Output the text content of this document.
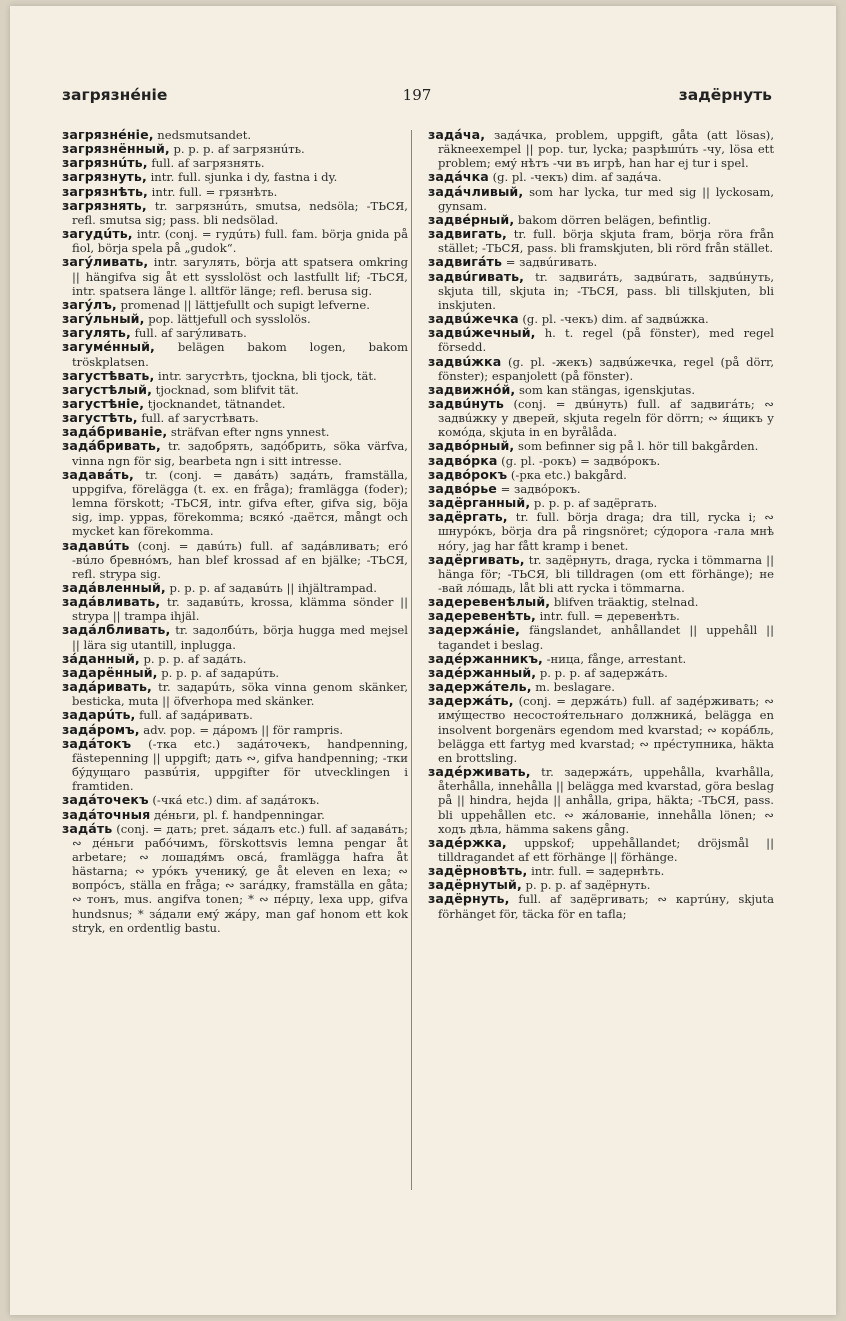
загрязнéніе	197	задёрнуть

загрязнéніе, nedsmutsandet.

загрязнённый, p. p. p. af загрязнúть.

загрязнúть, full. af загрязнять.

загрязнуть, intr. full. sjunka i dy, fastna i dy.

загрязнѣть, intr. full. = грязнѣть.

загрязнять, tr. загрязнúть, smutsa, nedsöla; -ТЬСЯ, refl. smutsa sig; pass. bli nedsölad.

загудúть, intr. (conj. = гудúть) full. fam. börja gnida på fiol, börja spela på „gudok“.

загýливать, intr. загулять, börja att spatsera omkring || hängifva sig åt ett sysslolöst och lastfullt lif; -ТЬСЯ, intr. spatsera länge l. alltför länge; refl. berusa sig.

загýлъ, promenad || lättjefullt och supigt lefverne.

загýльный, pop. lättjefull och sysslolös.

загулять, full. af загýливать.

загумéнный, belägen bakom logen, bakom tröskplatsen.

загустѣвать, intr. загустѣть, tjockna, bli tjock, tät.

загустѣлый, tjocknad, som blifvit tät.

загустѣніе, tjocknandet, tätnandet.

загустѣть, full. af загустѣвать.

задáбриваніе, sträfvan efter ngns ynnest.

задáбривать, tr. задобрять, задóбрить, söka värfva, vinna ngn för sig, bearbeta ngn i sitt intresse.

задавáть, tr. (conj. = давáть) задáть, framställa, uppgifva, förelägga (t. ex. en fråga); framlägga (foder); lemna förskott; -ТЬСЯ, intr. gifva efter, gifva sig, böja sig, imp. yppas, förekomma; всякó -даётся, mångt och mycket kan förekomma.

задавúть (conj. = давúть) full. af задáвливать; егó -вúло бревнóмъ, han blef krossad af en bjälke; -ТЬСЯ, refl. strypa sig.

задáвленный, p. p. p. af задавúть || ihjältrampad.

задáвливать, tr. задавúть, krossa, klämma sönder || strypa || trampa ihjäl.

задáлбливать, tr. задолбúть, börja hugga med mejsel || lära sig utantill, inplugga.

зáданный, p. p. p. af задáть.

задарённый, p. p. p. af задарúть.

задáривать, tr. задарúть, söka vinna genom skänker, besticka, muta || öfverhopa med skänker.

задарúть, full. af задáривать.

задáромъ, adv. pop. = дáромъ || för rampris.

задáтокъ (-тка etc.) задáточекъ, handpenning, fästepenning || uppgift; дать ∾, gifva handpenning; -тки бýдущаго развúтія, uppgifter för utvecklingen i framtiden.

задáточекъ (-чкá etc.) dim. af задáтокъ.

задáточныя дéньги, pl. f. handpenningar.

задáть (conj. = дать; pret. зáдалъ etc.) full. af задавáть; ∾ дéньги рабóчимъ, förskottsvis lemna pengar åt arbetare; ∾ лошадя́мъ овсá, framlägga hafra åt hästarna; ∾ урóкъ ученикý, ge åt eleven en lexa; ∾ вопрóсъ, ställa en fråga; ∾ загáдку, framställa en gåta; ∾ тонъ, mus. angifva tonen; * ∾ пéрцу, lexa upp, gifva hundsnus; * зáдали емý жáру, man gaf honom ett kok stryk, en ordentlig bastu.

задáча, задáчка, problem, uppgift, gåta (att lösas), räkneexempel || pop. tur, lycka; разрѣшúть -чу, lösa ett problem; емý нѣтъ -чи въ игрѣ, han har ej tur i spel.

задáчка (g. pl. -чекъ) dim. af задáча.

задáчливый, som har lycka, tur med sig || lyckosam, gynsam.

задвéрный, bakom dörren belägen, befintlig.

задвигать, tr. full. börja skjuta fram, börja röra från stället; -ТЬСЯ, pass. bli framskjuten, bli rörd från stället.

задвигáть = задвúгивать.

задвúгивать, tr. задвигáть, задвúгать, задвúнуть, skjuta till, skjuta in; -ТЬСЯ, pass. bli tillskjuten, bli inskjuten.

задвúжечка (g. pl. -чекъ) dim. af задвúжка.

задвúжечный, h. t. regel (på fönster), med regel försedd.

задвúжка (g. pl. -жекъ) задвúжечка, regel (på dörr, fönster); espanjolett (på fönster).

задвижнóй, som kan stängas, igenskjutas.

задвúнуть (conj. = двúнуть) full. af задвигáть; ∾ задвúжку у дверей, skjuta regeln för dörrn; ∾ я́щикъ у комóда, skjuta in en byrålåda.

задвóрный, som befinner sig på l. hör till bakgården.

задвóрка (g. pl. -рокъ) = задвóрокъ.

задвóрокъ (-рка etc.) bakgård.

задвóрье = задвóрокъ.

задёрганный, p. p. p. af задёргать.

задёргать, tr. full. börja draga; dra till, rycka i; ∾ шнурóкъ, börja dra på ringsnöret; сýдорога -гала мнѣ нóгу, jag har fått kramp i benet.

задёргивать, tr. задёрнуть, draga, rycka i tömmarna || hänga för; -ТЬСЯ, bli tilldragen (om ett förhänge); не -вай лóшадь, låt bli att rycka i tömmarna.

задеревенѣлый, blifven träaktig, stelnad.

задеревенѣть, intr. full. = деревенѣть.

задержáніе, fängslandet, anhållandet || uppehåll || tagandet i beslag.

задéржанникъ, -ница, fånge, arrestant.

задéржанный, p. p. p. af задержáть.

задержáтель, m. beslagare.

задержáть, (conj. = держáть) full. af задéрживать; ∾ имýщество несостоя́тельнаго должникá, belägga en insolvent borgenärs egendom med kvarstad; ∾ корáбль, belägga ett fartyg med kvarstad; ∾ прéступника, häkta en brottsling.

задéрживать, tr. задержáть, uppehålla, kvarhålla, återhålla, innehålla || belägga med kvarstad, göra beslag på || hindra, hejda || anhålla, gripa, häkta; -ТЬСЯ, pass. bli uppehållen etc. ∾ жáлованіе, innehålla lönen; ∾ ходъ дѣла, hämma sakens gång.

задéржка, uppskof; uppehållandet; dröjsmål || tilldragandet af ett förhänge || förhänge.

задёрновѣть, intr. full. = задернѣть.

задёрнутый, p. p. p. af задёрнуть.

задёрнуть, full. af задёргивать; ∾ картúну, skjuta förhänget för, täcka för en tafla;
